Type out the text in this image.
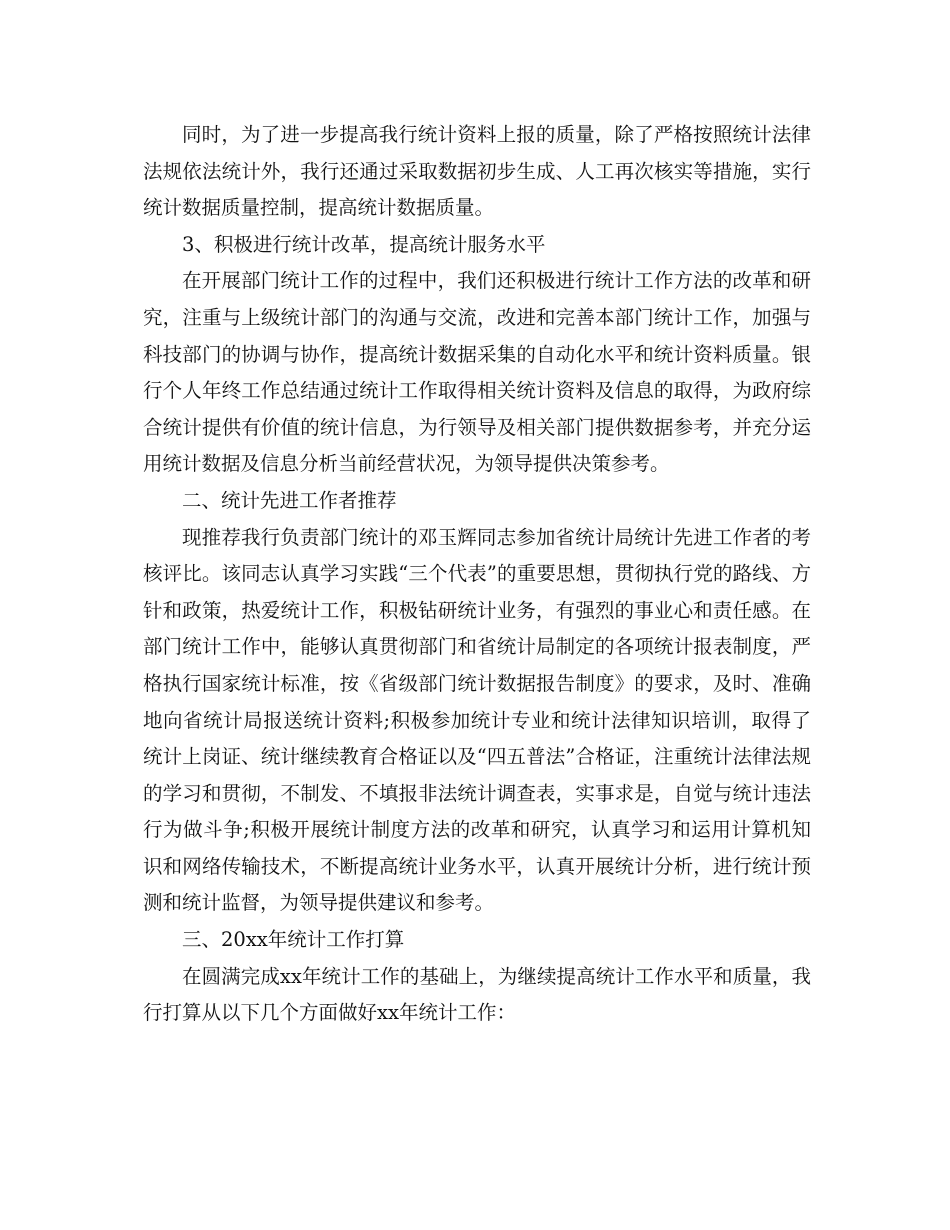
同时，为了进一步提高我行统计资料上报的质量，除了严格按照统计法律法规依法统计外，我行还通过采取数据初步生成、人工再次核实等措施，实行统计数据质量控制，提高统计数据质量。

3、积极进行统计改革，提高统计服务水平

在开展部门统计工作的过程中，我们还积极进行统计工作方法的改革和研究，注重与上级统计部门的沟通与交流，改进和完善本部门统计工作，加强与科技部门的协调与协作，提高统计数据采集的自动化水平和统计资料质量。银行个人年终工作总结通过统计工作取得相关统计资料及信息的取得，为政府综合统计提供有价值的统计信息，为行领导及相关部门提供数据参考，并充分运用统计数据及信息分析当前经营状况，为领导提供决策参考。

二、统计先进工作者推荐

现推荐我行负责部门统计的邓玉辉同志参加省统计局统计先进工作者的考核评比。该同志认真学习实践“三个代表”的重要思想，贯彻执行党的路线、方针和政策，热爱统计工作，积极钻研统计业务，有强烈的事业心和责任感。在部门统计工作中，能够认真贯彻部门和省统计局制定的各项统计报表制度，严格执行国家统计标准，按《省级部门统计数据报告制度》的要求，及时、准确地向省统计局报送统计资料;积极参加统计专业和统计法律知识培训，取得了统计上岗证、统计继续教育合格证以及“四五普法”合格证，注重统计法律法规的学习和贯彻，不制发、不填报非法统计调查表，实事求是，自觉与统计违法行为做斗争;积极开展统计制度方法的改革和研究，认真学习和运用计算机知识和网络传输技术，不断提高统计业务水平，认真开展统计分析，进行统计预测和统计监督，为领导提供建议和参考。

三、20xx年统计工作打算

在圆满完成xx年统计工作的基础上，为继续提高统计工作水平和质量，我行打算从以下几个方面做好xx年统计工作：
